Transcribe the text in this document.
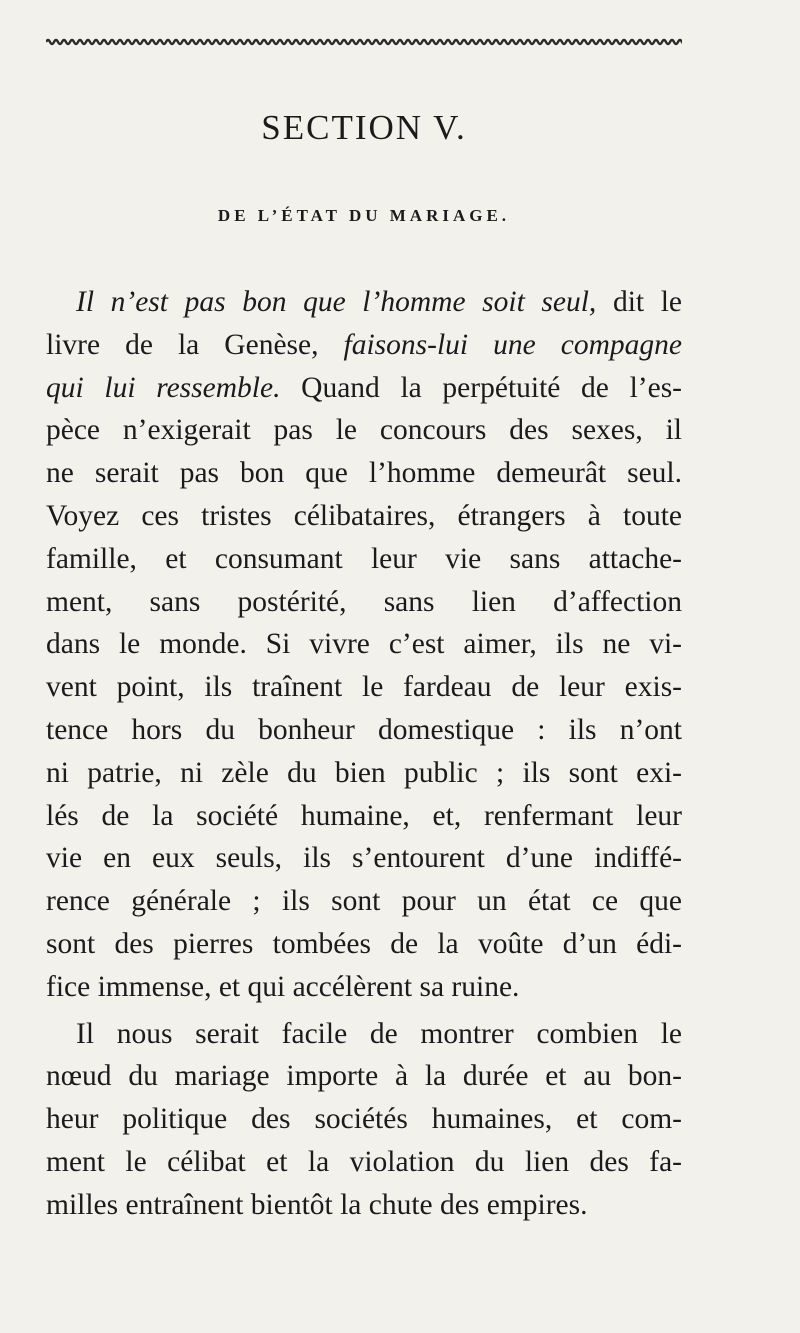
SECTION V.
DE L’ÉTAT DU MARIAGE.
Il n’est pas bon que l’homme soit seul, dit le
livre de la Genèse, faisons-lui une compagne
qui lui ressemble. Quand la perpétuité de l’es-
pèce n’exigerait pas le concours des sexes, il
ne serait pas bon que l’homme demeurât seul.
Voyez ces tristes célibataires, étrangers à toute
famille, et consumant leur vie sans attache-
ment, sans postérité, sans lien d’affection
dans le monde. Si vivre c’est aimer, ils ne vi-
vent point, ils traînent le fardeau de leur exis-
tence hors du bonheur domestique : ils n’ont
ni patrie, ni zèle du bien public ; ils sont exi-
lés de la société humaine, et, renfermant leur
vie en eux seuls, ils s’entourent d’une indiffé-
rence générale ; ils sont pour un état ce que
sont des pierres tombées de la voûte d’un édi-
fice immense, et qui accélèrent sa ruine.
Il nous serait facile de montrer combien le
nœud du mariage importe à la durée et au bon-
heur politique des sociétés humaines, et com-
ment le célibat et la violation du lien des fa-
milles entraînent bientôt la chute des empires.
